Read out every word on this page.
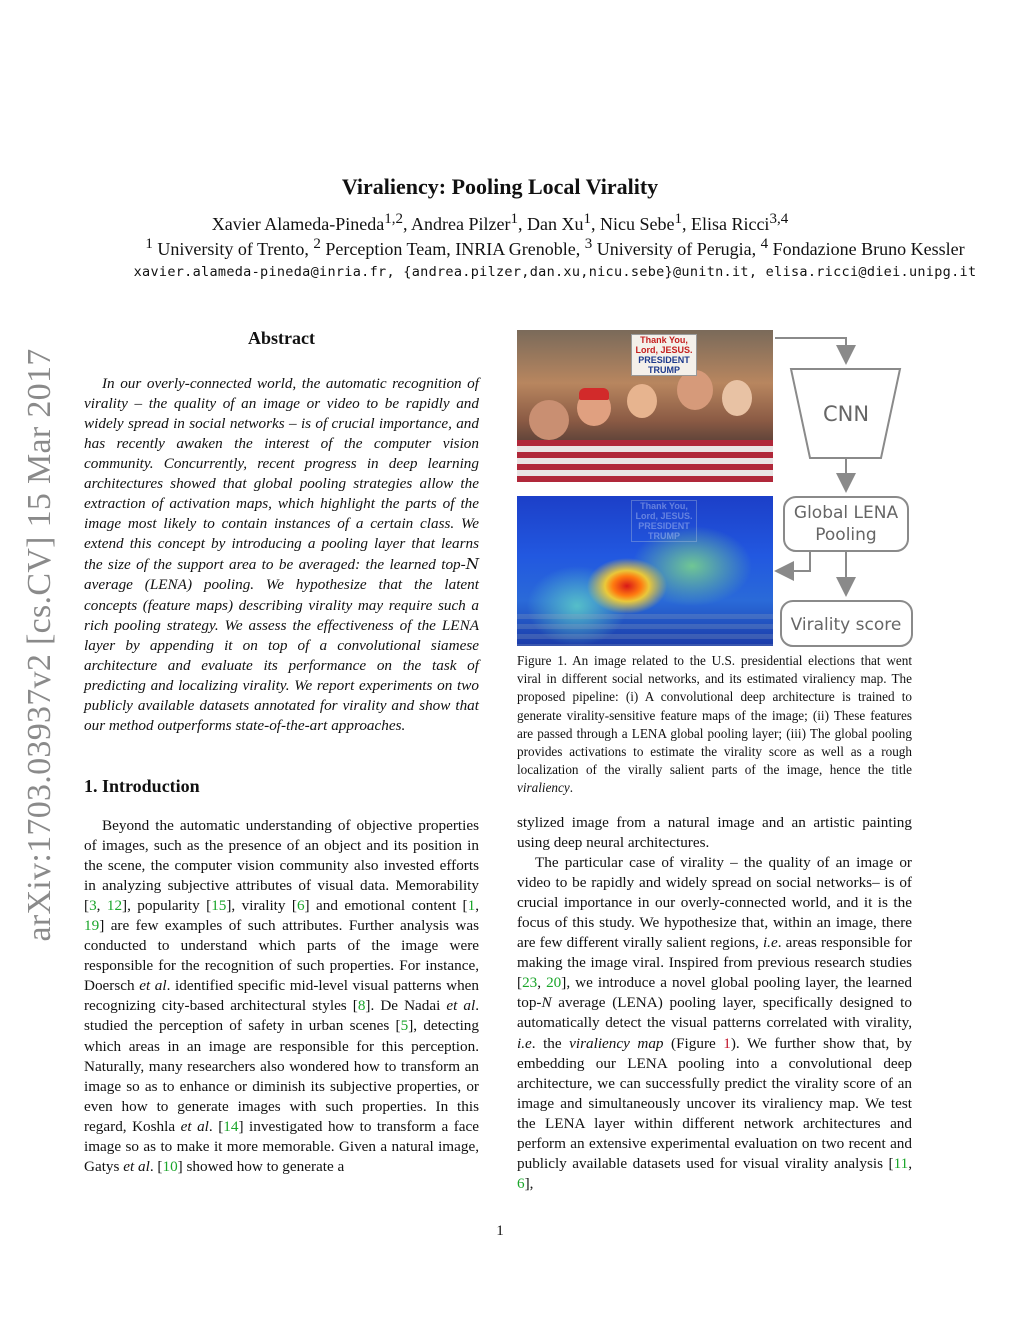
arXiv:1703.03937v2 [cs.CV] 15 Mar 2017
Viraliency: Pooling Local Virality
Xavier Alameda-Pineda$^{1,2}$, Andrea Pilzer$^1$, Dan Xu$^1$, Nicu Sebe$^1$, Elisa Ricci$^{3,4}$
$^1$ University of Trento, $^2$ Perception Team, INRIA Grenoble, $^3$ University of Perugia, $^4$ Fondazione Bruno Kessler
xavier.alameda-pineda@inria.fr, {andrea.pilzer,dan.xu,nicu.sebe}@unitn.it, elisa.ricci@diei.unipg.it
Abstract

In our overly-connected world, the automatic recognition of virality – the quality of an image or video to be rapidly and widely spread in social networks – is of crucial importance, and has recently awaken the interest of the computer vision community. Concurrently, recent progress in deep learning architectures showed that global pooling strategies allow the extraction of activation maps, which highlight the parts of the image most likely to contain instances of a certain class. We extend this concept by introducing a pooling layer that learns the size of the support area to be averaged: the learned top-N average (LENA) pooling. We hypothesize that the latent concepts (feature maps) describing virality may require such a rich pooling strategy. We assess the effectiveness of the LENA layer by appending it on top of a convolutional siamese architecture and evaluate its performance on the task of predicting and localizing virality. We report experiments on two publicly available datasets annotated for virality and show that our method outperforms state-of-the-art approaches.

1. Introduction

Beyond the automatic understanding of objective properties of images, such as the presence of an object and its position in the scene, the computer vision community also invested efforts in analyzing subjective attributes of visual data. Memorability [3, 12], popularity [15], virality [6] and emotional content [1, 19] are few examples of such attributes. Further analysis was conducted to understand which parts of the image were responsible for the recognition of such properties. For instance, Doersch et al. identified specific mid-level visual patterns when recognizing city-based architectural styles [8]. De Nadai et al. studied the perception of safety in urban scenes [5], detecting which areas in an image are responsible for this perception. Naturally, many researchers also wondered how to transform an image so as to enhance or diminish its subjective properties, or even how to generate images with such properties. In this regard, Koshla et al. [14] investigated how to transform a face image so as to make it more memorable. Given a natural image, Gatys et al. [10] showed how to generate a

Thank You,
Lord, JESUS.
PRESIDENT
TRUMP
Thank You,
Lord, JESUS.
PRESIDENT
TRUMP
CNN
Global LENA
Pooling
Virality score
Figure 1. An image related to the U.S. presidential elections that went viral in different social networks, and its estimated viraliency map. The proposed pipeline: (i) A convolutional deep architecture is trained to generate virality-sensitive feature maps of the image; (ii) These features are passed through a LENA global pooling layer; (iii) The global pooling provides activations to estimate the virality score as well as a rough localization of the virally salient parts of the image, hence the title viraliency.

stylized image from a natural image and an artistic painting using deep neural architectures.

The particular case of virality – the quality of an image or video to be rapidly and widely spread on social networks– is of crucial importance in our overly-connected world, and it is the focus of this study. We hypothesize that, within an image, there are few different virally salient regions, i.e. areas responsible for making the image viral. Inspired from previous research studies [23, 20], we introduce a novel global pooling layer, the learned top-N average (LENA) pooling layer, specifically designed to automatically detect the visual patterns correlated with virality, i.e. the viraliency map (Figure 1). We further show that, by embedding our LENA pooling into a convolutional deep architecture, we can successfully predict the virality score of an image and simultaneously uncover its viraliency map. We test the LENA layer within different network architectures and perform an extensive experimental evaluation on two recent and publicly available datasets used for visual virality analysis [11, 6],

1
